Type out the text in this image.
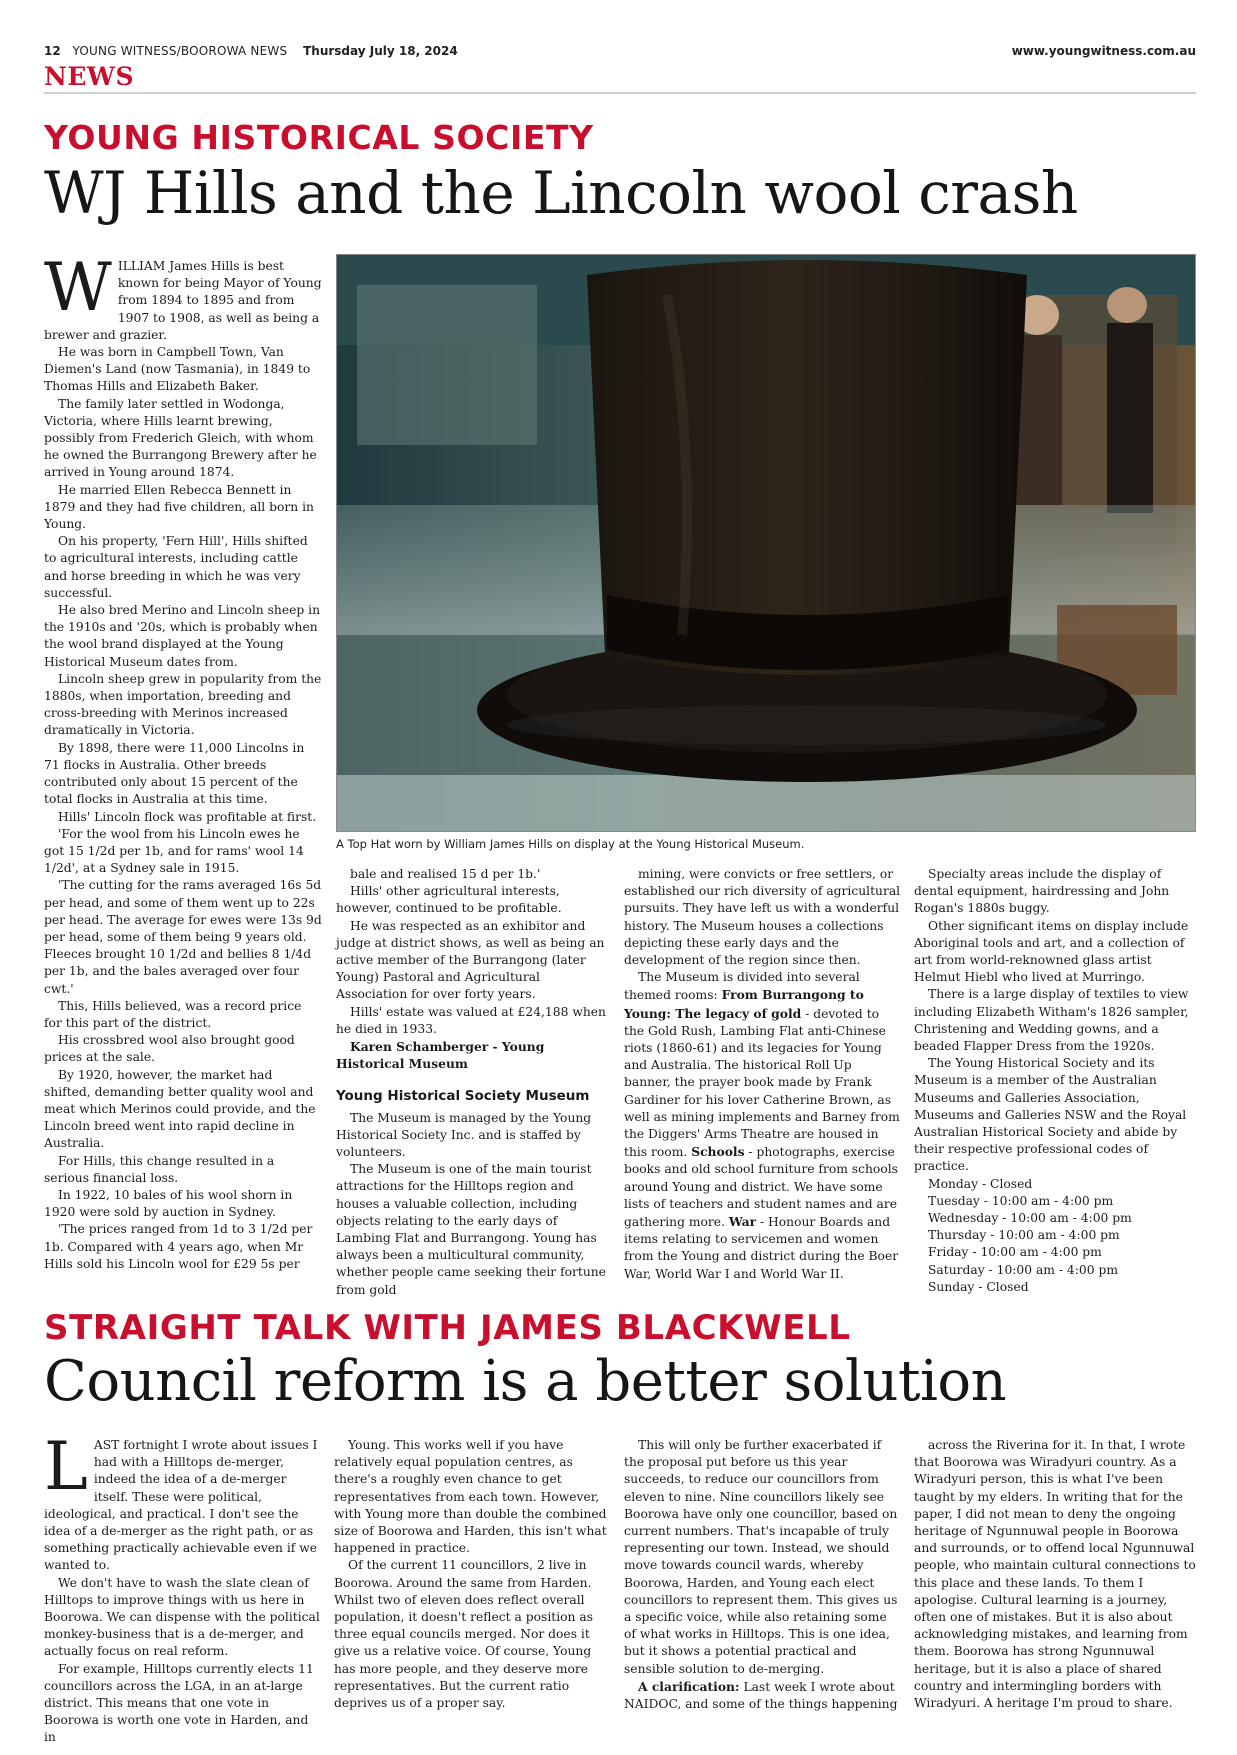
12 YOUNG WITNESS/BOOROWA NEWS Thursday July 18, 2024	www.youngwitness.com.au
NEWS
YOUNG HISTORICAL SOCIETY
WJ Hills and the Lincoln wool crash

WILLIAM James Hills is best known for being Mayor of Young from 1894 to 1895 and from 1907 to 1908, as well as being a brewer and grazier.

He was born in Campbell Town, Van Diemen's Land (now Tasmania), in 1849 to Thomas Hills and Elizabeth Baker.

The family later settled in Wodonga, Victoria, where Hills learnt brewing, possibly from Frederich Gleich, with whom he owned the Burrangong Brewery after he arrived in Young around 1874.

He married Ellen Rebecca Bennett in 1879 and they had five children, all born in Young.

On his property, 'Fern Hill', Hills shifted to agricultural interests, including cattle and horse breeding in which he was very successful.

He also bred Merino and Lincoln sheep in the 1910s and '20s, which is probably when the wool brand displayed at the Young Historical Museum dates from.

Lincoln sheep grew in popularity from the 1880s, when importation, breeding and cross-breeding with Merinos increased dramatically in Victoria.

By 1898, there were 11,000 Lincolns in 71 flocks in Australia. Other breeds contributed only about 15 percent of the total flocks in Australia at this time.

Hills' Lincoln flock was profitable at first.

'For the wool from his Lincoln ewes he got 15 1/2d per 1b, and for rams' wool 14 1/2d', at a Sydney sale in 1915.

'The cutting for the rams averaged 16s 5d per head, and some of them went up to 22s per head. The average for ewes were 13s 9d per head, some of them being 9 years old. Fleeces brought 10 1/2d and bellies 8 1/4d per 1b, and the bales averaged over four cwt.'

This, Hills believed, was a record price for this part of the district.

His crossbred wool also brought good prices at the sale.

By 1920, however, the market had shifted, demanding better quality wool and meat which Merinos could provide, and the Lincoln breed went into rapid decline in Australia.

For Hills, this change resulted in a serious financial loss.

In 1922, 10 bales of his wool shorn in 1920 were sold by auction in Sydney.

'The prices ranged from 1d to 3 1/2d per 1b. Compared with 4 years ago, when Mr Hills sold his Lincoln wool for £29 5s per

A Top Hat worn by William James Hills on display at the Young Historical Museum.

bale and realised 15 d per 1b.'

Hills' other agricultural interests, however, continued to be profitable.

He was respected as an exhibitor and judge at district shows, as well as being an active member of the Burrangong (later Young) Pastoral and Agricultural Association for over forty years.

Hills' estate was valued at £24,188 when he died in 1933.

Karen Schamberger - Young Historical Museum

Young Historical Society Museum

The Museum is managed by the Young Historical Society Inc. and is staffed by volunteers.

The Museum is one of the main tourist attractions for the Hilltops region and houses a valuable collection, including objects relating to the early days of Lambing Flat and Burrangong. Young has always been a multicultural community, whether people came seeking their fortune from gold

mining, were convicts or free settlers, or established our rich diversity of agricultural pursuits. They have left us with a wonderful history. The Museum houses a collections depicting these early days and the development of the region since then.

The Museum is divided into several themed rooms: From Burrangong to Young: The legacy of gold - devoted to the Gold Rush, Lambing Flat anti-Chinese riots (1860-61) and its legacies for Young and Australia. The historical Roll Up banner, the prayer book made by Frank Gardiner for his lover Catherine Brown, as well as mining implements and Barney from the Diggers' Arms Theatre are housed in this room. Schools - photographs, exercise books and old school furniture from schools around Young and district. We have some lists of teachers and student names and are gathering more. War - Honour Boards and items relating to servicemen and women from the Young and district during the Boer War, World War I and World War II.

Specialty areas include the display of dental equipment, hairdressing and John Rogan's 1880s buggy.

Other significant items on display include Aboriginal tools and art, and a collection of art from world-reknowned glass artist Helmut Hiebl who lived at Murringo.

There is a large display of textiles to view including Elizabeth Witham's 1826 sampler, Christening and Wedding gowns, and a beaded Flapper Dress from the 1920s.

The Young Historical Society and its Museum is a member of the Australian Museums and Galleries Association, Museums and Galleries NSW and the Royal Australian Historical Society and abide by their respective professional codes of practice.

Monday - Closed

Tuesday - 10:00 am - 4:00 pm

Wednesday - 10:00 am - 4:00 pm

Thursday - 10:00 am - 4:00 pm

Friday - 10:00 am - 4:00 pm

Saturday - 10:00 am - 4:00 pm

Sunday - Closed

STRAIGHT TALK WITH JAMES BLACKWELL
Council reform is a better solution

LAST fortnight I wrote about issues I had with a Hilltops de-merger, indeed the idea of a de-merger itself. These were political, ideological, and practical. I don't see the idea of a de-merger as the right path, or as something practically achievable even if we wanted to.

We don't have to wash the slate clean of Hilltops to improve things with us here in Boorowa. We can dispense with the political monkey-business that is a de-merger, and actually focus on real reform.

For example, Hilltops currently elects 11 councillors across the LGA, in an at-large district. This means that one vote in Boorowa is worth one vote in Harden, and in

Young. This works well if you have relatively equal population centres, as there's a roughly even chance to get representatives from each town. However, with Young more than double the combined size of Boorowa and Harden, this isn't what happened in practice.

Of the current 11 councillors, 2 live in Boorowa. Around the same from Harden. Whilst two of eleven does reflect overall population, it doesn't reflect a position as three equal councils merged. Nor does it give us a relative voice. Of course, Young has more people, and they deserve more representatives. But the current ratio deprives us of a proper say.

This will only be further exacerbated if the proposal put before us this year succeeds, to reduce our councillors from eleven to nine. Nine councillors likely see Boorowa have only one councillor, based on current numbers. That's incapable of truly representing our town. Instead, we should move towards council wards, whereby Boorowa, Harden, and Young each elect councillors to represent them. This gives us a specific voice, while also retaining some of what works in Hilltops. This is one idea, but it shows a potential practical and sensible solution to de-merging.

A clarification: Last week I wrote about NAIDOC, and some of the things happening

across the Riverina for it. In that, I wrote that Boorowa was Wiradyuri country. As a Wiradyuri person, this is what I've been taught by my elders. In writing that for the paper, I did not mean to deny the ongoing heritage of Ngunnuwal people in Boorowa and surrounds, or to offend local Ngunnuwal people, who maintain cultural connections to this place and these lands. To them I apologise. Cultural learning is a journey, often one of mistakes. But it is also about acknowledging mistakes, and learning from them. Boorowa has strong Ngunnuwal heritage, but it is also a place of shared country and intermingling borders with Wiradyuri. A heritage I'm proud to share.
